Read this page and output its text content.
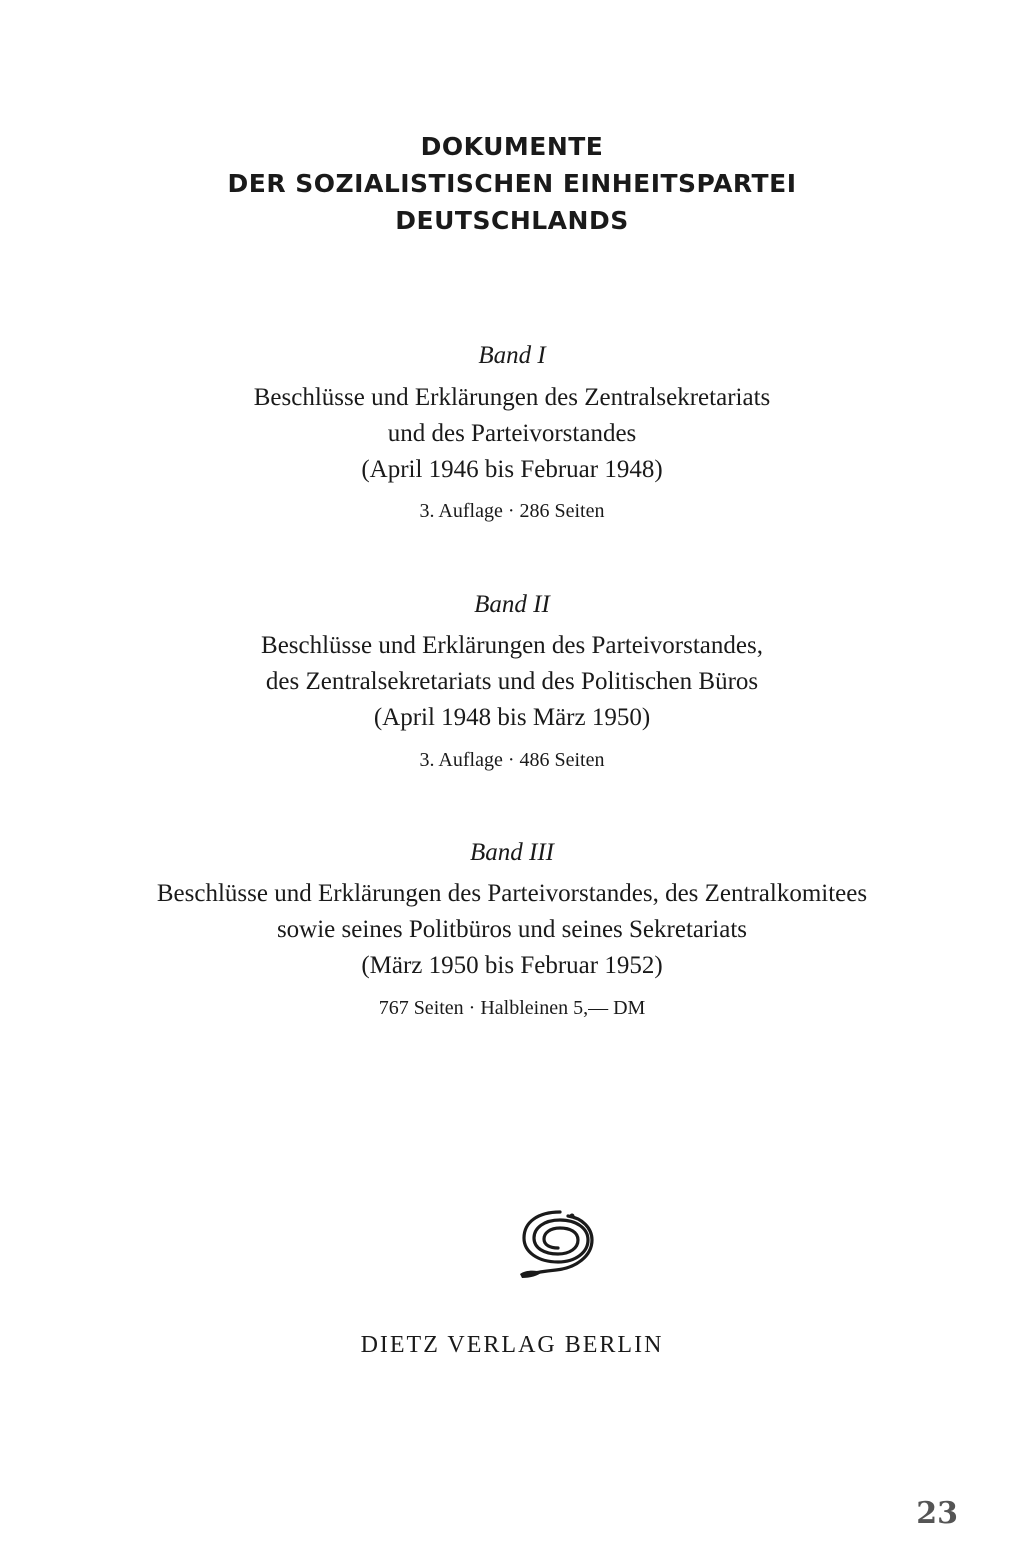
DOKUMENTE
DER SOZIALISTISCHEN EINHEITSPARTEI
DEUTSCHLANDS
Band I
Beschlüsse und Erklärungen des Zentralsekretariats
und des Parteivorstandes
(April 1946 bis Februar 1948)
3. Auflage · 286 Seiten
Band II
Beschlüsse und Erklärungen des Parteivorstandes,
des Zentralsekretariats und des Politischen Büros
(April 1948 bis März 1950)
3. Auflage · 486 Seiten
Band III
Beschlüsse und Erklärungen des Parteivorstandes, des Zentralkomitees
sowie seines Politbüros und seines Sekretariats
(März 1950 bis Februar 1952)
767 Seiten · Halbleinen 5,— DM
DIETZ VERLAG BERLIN
23
